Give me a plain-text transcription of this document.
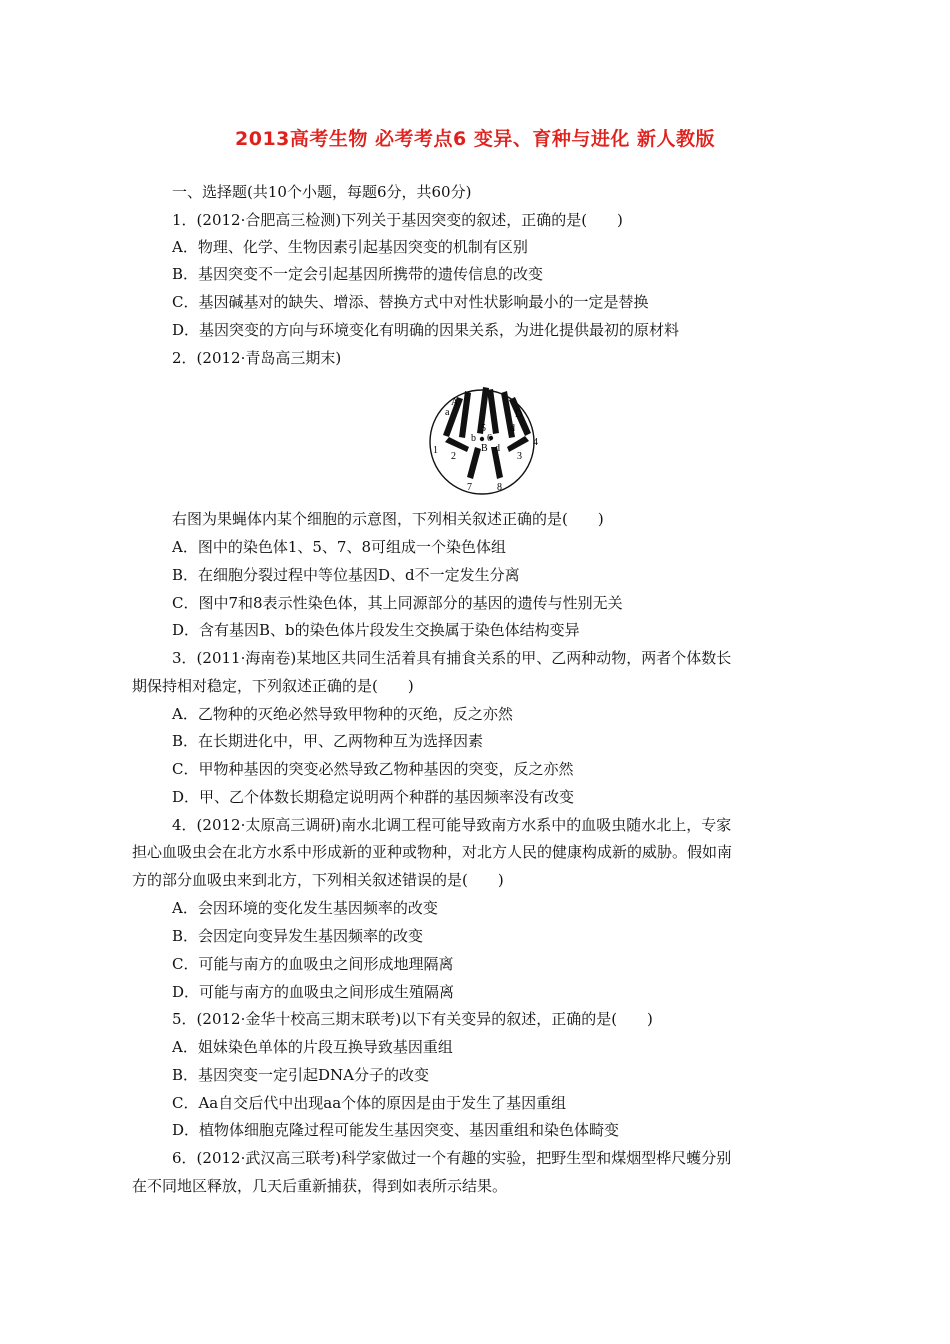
2013高考生物 必考考点6 变异、育种与进化 新人教版
一、选择题(共10个小题，每题6分，共60分)
1．(2012·合肥高三检测)下列关于基因突变的叙述，正确的是(　　)
A．物理、化学、生物因素引起基因突变的机制有区别
B．基因突变不一定会引起基因所携带的遗传信息的改变
C．基因碱基对的缺失、增添、替换方式中对性状影响最小的一定是替换
D．基因突变的方向与环境变化有明确的因果关系，为进化提供最初的原材料
2．(2012·青岛高三期末)
A
a	D
d
5
b 6
B d
1
2
4
3
7	8
右图为果蝇体内某个细胞的示意图，下列相关叙述正确的是(　　)
A．图中的染色体1、5、7、8可组成一个染色体组
B．在细胞分裂过程中等位基因D、d不一定发生分离
C．图中7和8表示性染色体，其上同源部分的基因的遗传与性别无关
D．含有基因B、b的染色体片段发生交换属于染色体结构变异
3．(2011·海南卷)某地区共同生活着具有捕食关系的甲、乙两种动物，两者个体数长
期保持相对稳定，下列叙述正确的是(　　)
A．乙物种的灭绝必然导致甲物种的灭绝，反之亦然
B．在长期进化中，甲、乙两物种互为选择因素
C．甲物种基因的突变必然导致乙物种基因的突变，反之亦然
D．甲、乙个体数长期稳定说明两个种群的基因频率没有改变
4．(2012·太原高三调研)南水北调工程可能导致南方水系中的血吸虫随水北上，专家
担心血吸虫会在北方水系中形成新的亚种或物种，对北方人民的健康构成新的威胁。假如南
方的部分血吸虫来到北方，下列相关叙述错误的是(　　)
A．会因环境的变化发生基因频率的改变
B．会因定向变异发生基因频率的改变
C．可能与南方的血吸虫之间形成地理隔离
D．可能与南方的血吸虫之间形成生殖隔离
5．(2012·金华十校高三期末联考)以下有关变异的叙述，正确的是(　　)
A．姐妹染色单体的片段互换导致基因重组
B．基因突变一定引起DNA分子的改变
C．Aa自交后代中出现aa个体的原因是由于发生了基因重组
D．植物体细胞克隆过程可能发生基因突变、基因重组和染色体畸变
6．(2012·武汉高三联考)科学家做过一个有趣的实验，把野生型和煤烟型桦尺蠖分别
在不同地区释放，几天后重新捕获，得到如表所示结果。
